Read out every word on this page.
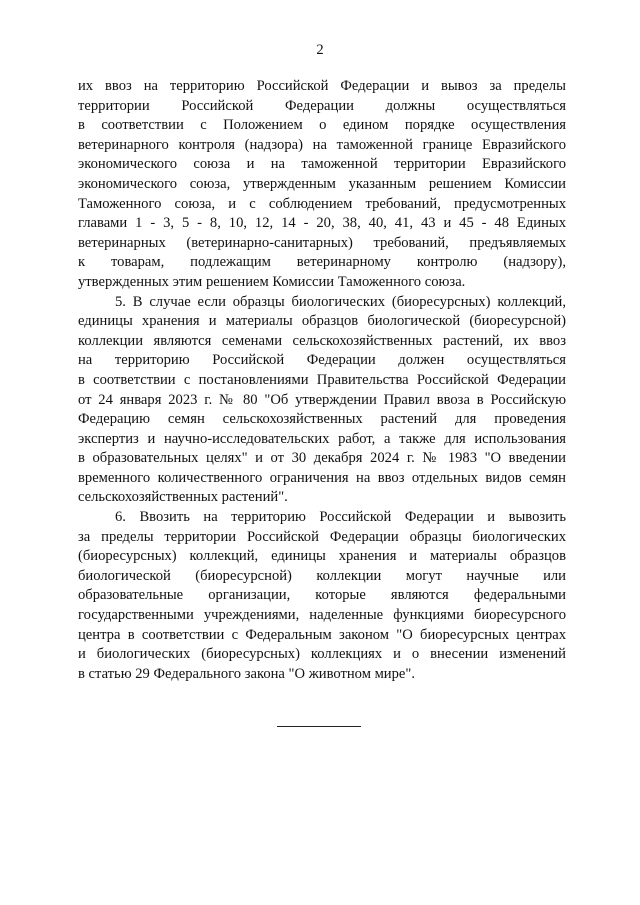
2
их ввоз на территорию Российской Федерации и вывоз за пределы
территории Российской Федерации должны осуществляться
в соответствии с Положением о едином порядке осуществления
ветеринарного контроля (надзора) на таможенной границе Евразийского
экономического союза и на таможенной территории Евразийского
экономического союза, утвержденным указанным решением Комиссии
Таможенного союза, и с соблюдением требований, предусмотренных
главами 1 - 3, 5 - 8, 10, 12, 14 - 20, 38, 40, 41, 43 и 45 - 48 Единых
ветеринарных (ветеринарно-санитарных) требований, предъявляемых
к товарам, подлежащим ветеринарному контролю (надзору),
утвержденных этим решением Комиссии Таможенного союза.
5. В случае если образцы биологических (биоресурсных) коллекций,
единицы хранения и материалы образцов биологической (биоресурсной)
коллекции являются семенами сельскохозяйственных растений, их ввоз
на территорию Российской Федерации должен осуществляться
в соответствии с постановлениями Правительства Российской Федерации
от 24 января 2023 г. № 80 "Об утверждении Правил ввоза в Российскую
Федерацию семян сельскохозяйственных растений для проведения
экспертиз и научно-исследовательских работ, а также для использования
в образовательных целях" и от 30 декабря 2024 г. № 1983 "О введении
временного количественного ограничения на ввоз отдельных видов семян
сельскохозяйственных растений".
6. Ввозить на территорию Российской Федерации и вывозить
за пределы территории Российской Федерации образцы биологических
(биоресурсных) коллекций, единицы хранения и материалы образцов
биологической (биоресурсной) коллекции могут научные или
образовательные организации, которые являются федеральными
государственными учреждениями, наделенные функциями биоресурсного
центра в соответствии с Федеральным законом "О биоресурсных центрах
и биологических (биоресурсных) коллекциях и о внесении изменений
в статью 29 Федерального закона "О животном мире".
